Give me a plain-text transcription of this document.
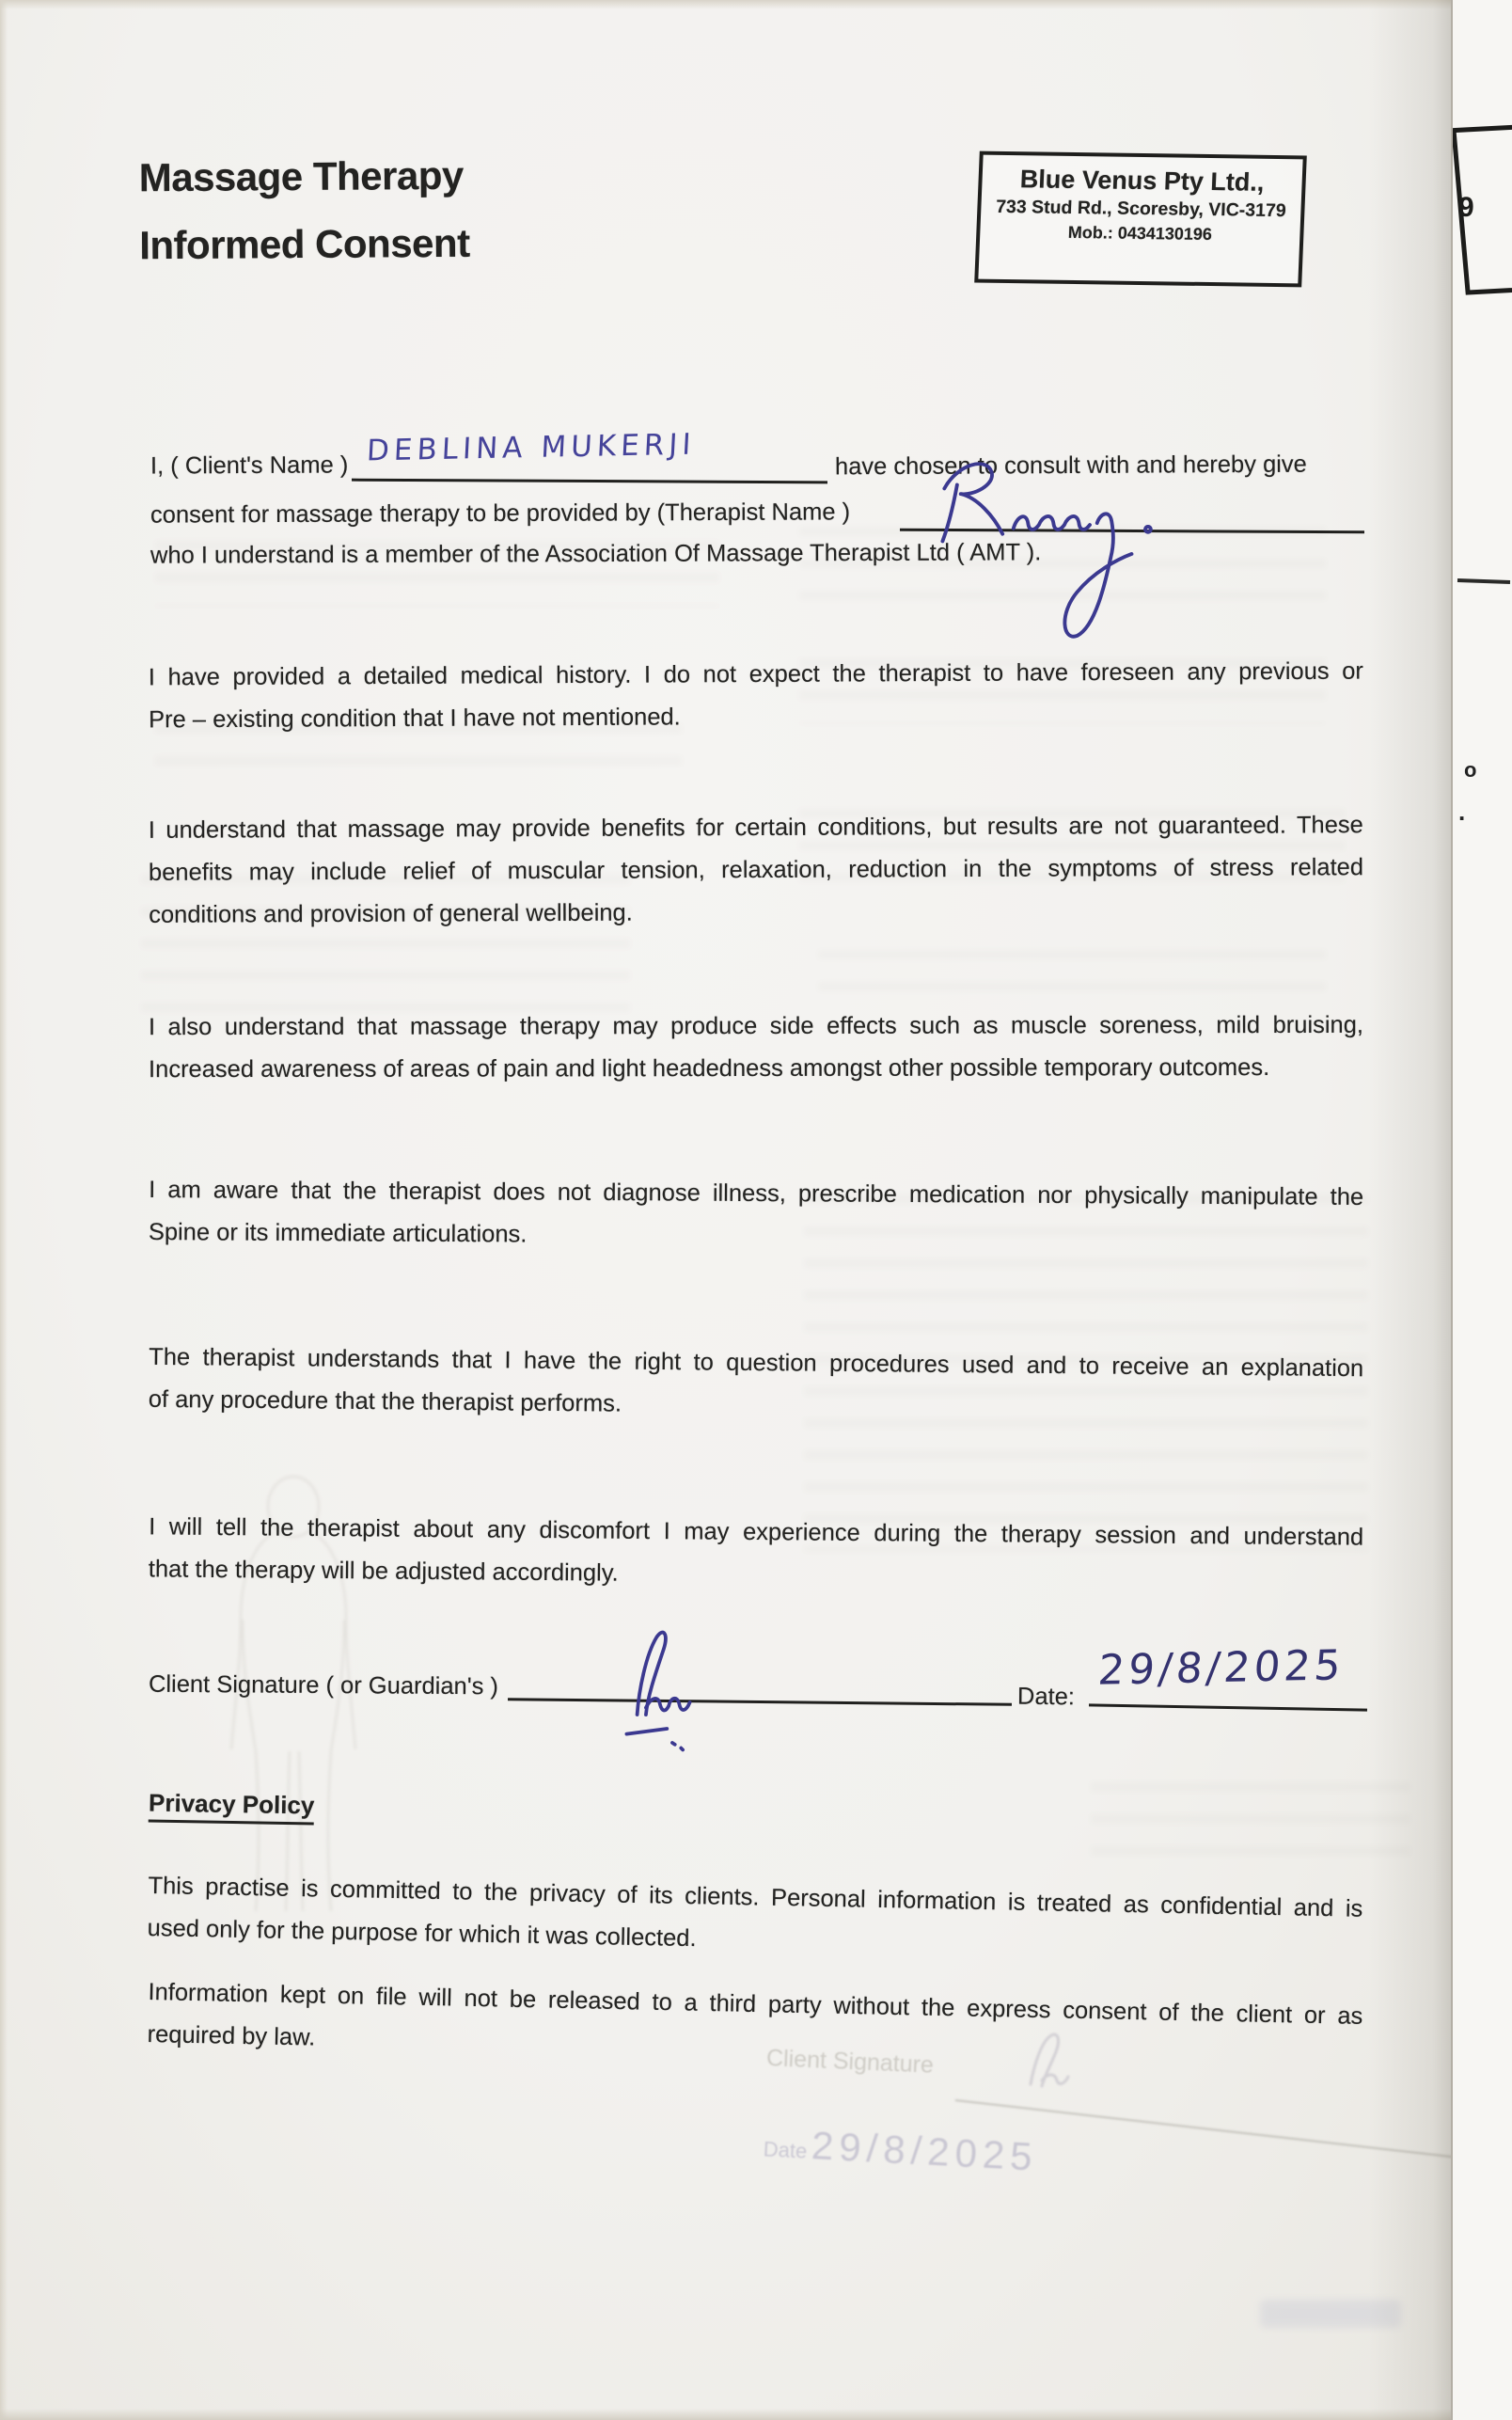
Client Signature
Date 29/8/2025
Massage Therapy
Informed Consent
Blue Venus Pty Ltd.,
733 Stud Rd., Scoresby, VIC-3179
Mob.: 0434130196
I, ( Client's Name ) DEBLINA MUKERJI	have chosen to consult with and hereby give
consent for massage therapy to be provided by (Therapist Name )
who I understand is a member of the Association Of Massage Therapist Ltd ( AMT ).
I have provided a detailed medical history. I do not expect the therapist to have foreseen any previous or
Pre – existing condition that I have not mentioned.
I understand that massage may provide benefits for certain conditions, but results are not guaranteed. These
benefits may include relief of muscular tension, relaxation, reduction in the symptoms of stress related
conditions and provision of general wellbeing.
I also understand that massage therapy may produce side effects such as muscle soreness, mild bruising,
Increased awareness of areas of pain and light headedness amongst other possible temporary outcomes.
I am aware that the therapist does not diagnose illness, prescribe medication nor physically manipulate the
Spine or its immediate articulations.
The therapist understands that I have the right to question procedures used and to receive an explanation
of any procedure that the therapist performs.
I will tell the therapist about any discomfort I may experience during the therapy session and understand
that the therapy will be adjusted accordingly.
Client Signature ( or Guardian's )	Date:
29/8/2025
Privacy Policy
This practise is committed to the privacy of its clients. Personal information is treated as confidential and is
used only for the purpose for which it was collected.
Information kept on file will not be released to a third party without the express consent of the client or as
required by law.
9
o
.
